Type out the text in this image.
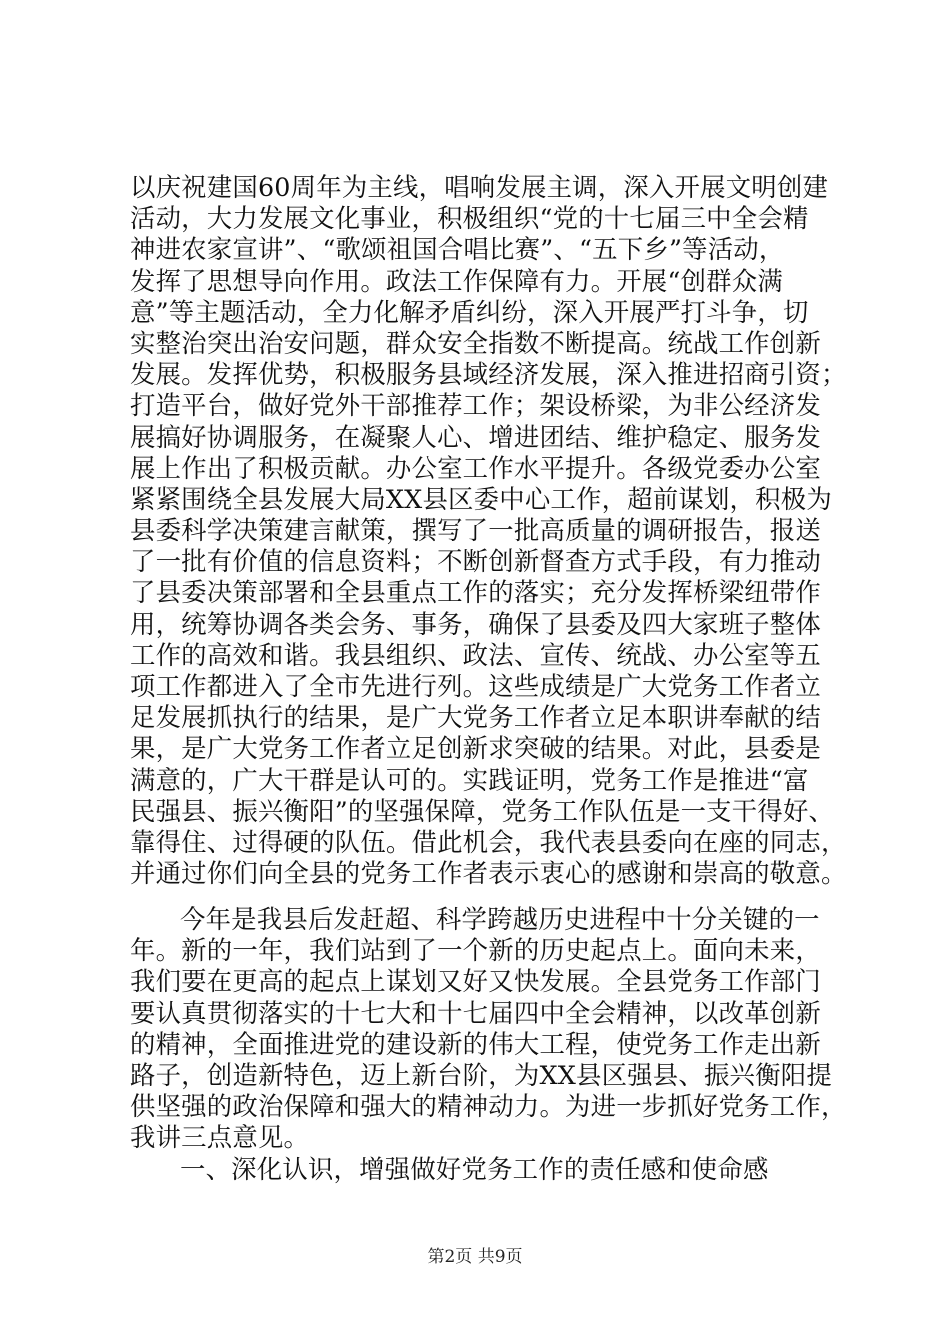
以庆祝建国60周年为主线，唱响发展主调，深入开展文明创建
活动，大力发展文化事业，积极组织“党的十七届三中全会精
神进农家宣讲”、“歌颂祖国合唱比赛”、“五下乡”等活动，
发挥了思想导向作用。政法工作保障有力。开展“创群众满
意”等主题活动，全力化解矛盾纠纷，深入开展严打斗争，切
实整治突出治安问题，群众安全指数不断提高。统战工作创新
发展。发挥优势，积极服务县域经济发展，深入推进招商引资；
打造平台，做好党外干部推荐工作；架设桥梁，为非公经济发
展搞好协调服务，在凝聚人心、增进团结、维护稳定、服务发
展上作出了积极贡献。办公室工作水平提升。各级党委办公室
紧紧围绕全县发展大局XX县区委中心工作，超前谋划，积极为
县委科学决策建言献策，撰写了一批高质量的调研报告，报送
了一批有价值的信息资料；不断创新督查方式手段，有力推动
了县委决策部署和全县重点工作的落实；充分发挥桥梁纽带作
用，统筹协调各类会务、事务，确保了县委及四大家班子整体
工作的高效和谐。我县组织、政法、宣传、统战、办公室等五
项工作都进入了全市先进行列。这些成绩是广大党务工作者立
足发展抓执行的结果，是广大党务工作者立足本职讲奉献的结
果，是广大党务工作者立足创新求突破的结果。对此，县委是
满意的，广大干群是认可的。实践证明，党务工作是推进“富
民强县、振兴衡阳”的坚强保障，党务工作队伍是一支干得好、
靠得住、过得硬的队伍。借此机会，我代表县委向在座的同志，
并通过你们向全县的党务工作者表示衷心的感谢和崇高的敬意。
今年是我县后发赶超、科学跨越历史进程中十分关键的一
年。新的一年，我们站到了一个新的历史起点上。面向未来，
我们要在更高的起点上谋划又好又快发展。全县党务工作部门
要认真贯彻落实的十七大和十七届四中全会精神，以改革创新
的精神，全面推进党的建设新的伟大工程，使党务工作走出新
路子，创造新特色，迈上新台阶，为XX县区强县、振兴衡阳提
供坚强的政治保障和强大的精神动力。为进一步抓好党务工作，
我讲三点意见。
一、深化认识，增强做好党务工作的责任感和使命感
第2页 共9页
